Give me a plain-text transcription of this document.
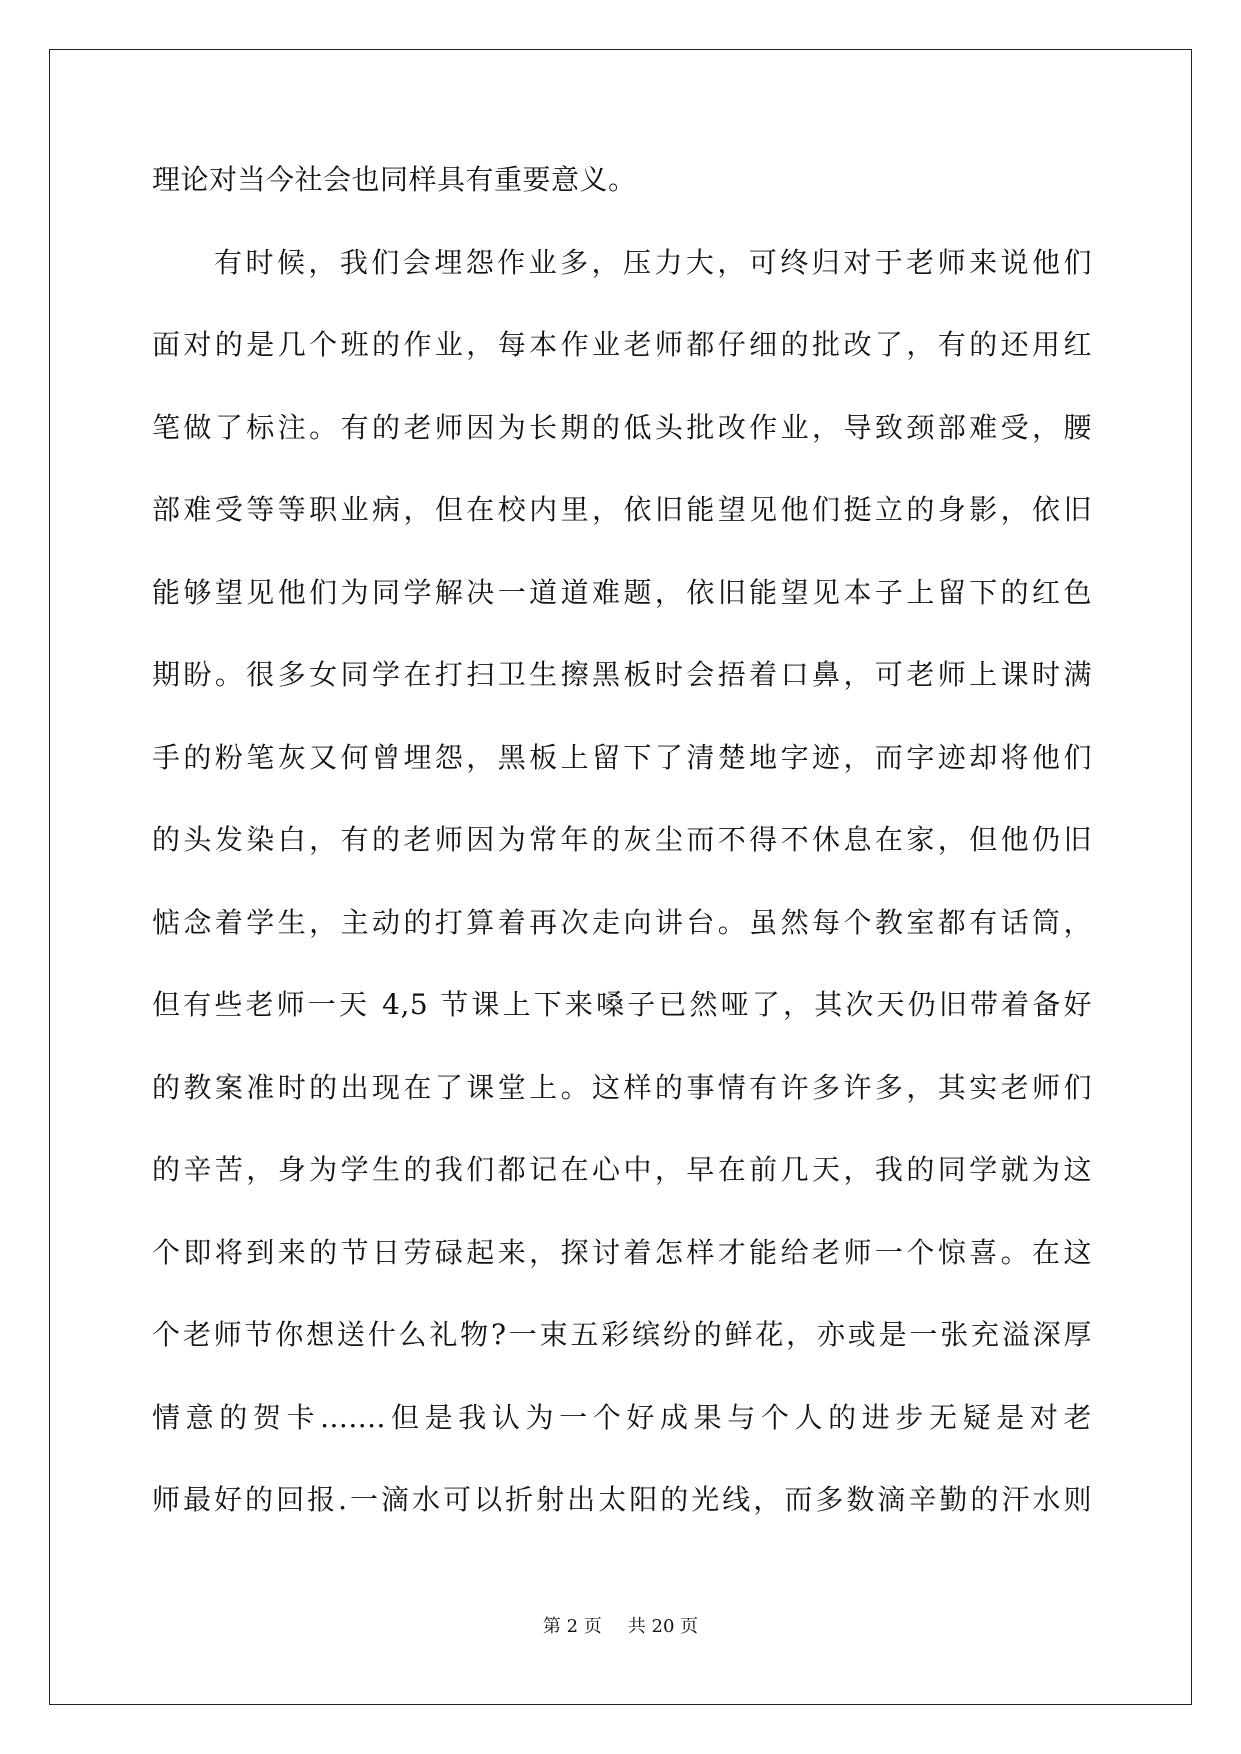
理论对当今社会也同样具有重要意义。
有时候，我们会埋怨作业多，压力大，可终归对于老师来说他们
面对的是几个班的作业，每本作业老师都仔细的批改了，有的还用红
笔做了标注。有的老师因为长期的低头批改作业，导致颈部难受，腰
部难受等等职业病，但在校内里，依旧能望见他们挺立的身影，依旧
能够望见他们为同学解决一道道难题，依旧能望见本子上留下的红色
期盼。很多女同学在打扫卫生擦黑板时会捂着口鼻，可老师上课时满
手的粉笔灰又何曾埋怨，黑板上留下了清楚地字迹，而字迹却将他们
的头发染白，有的老师因为常年的灰尘而不得不休息在家，但他仍旧
惦念着学生，主动的打算着再次走向讲台。虽然每个教室都有话筒，
但有些老师一天 4,5 节课上下来嗓子已然哑了，其次天仍旧带着备好
的教案准时的出现在了课堂上。这样的事情有许多许多，其实老师们
的辛苦，身为学生的我们都记在心中，早在前几天，我的同学就为这
个即将到来的节日劳碌起来，探讨着怎样才能给老师一个惊喜。在这
个老师节你想送什么礼物?一束五彩缤纷的鲜花，亦或是一张充溢深厚
情意的贺卡.......但是我认为一个好成果与个人的进步无疑是对老
师最好的回报.一滴水可以折射出太阳的光线，而多数滴辛勤的汗水则
第 2 页 共 20 页
